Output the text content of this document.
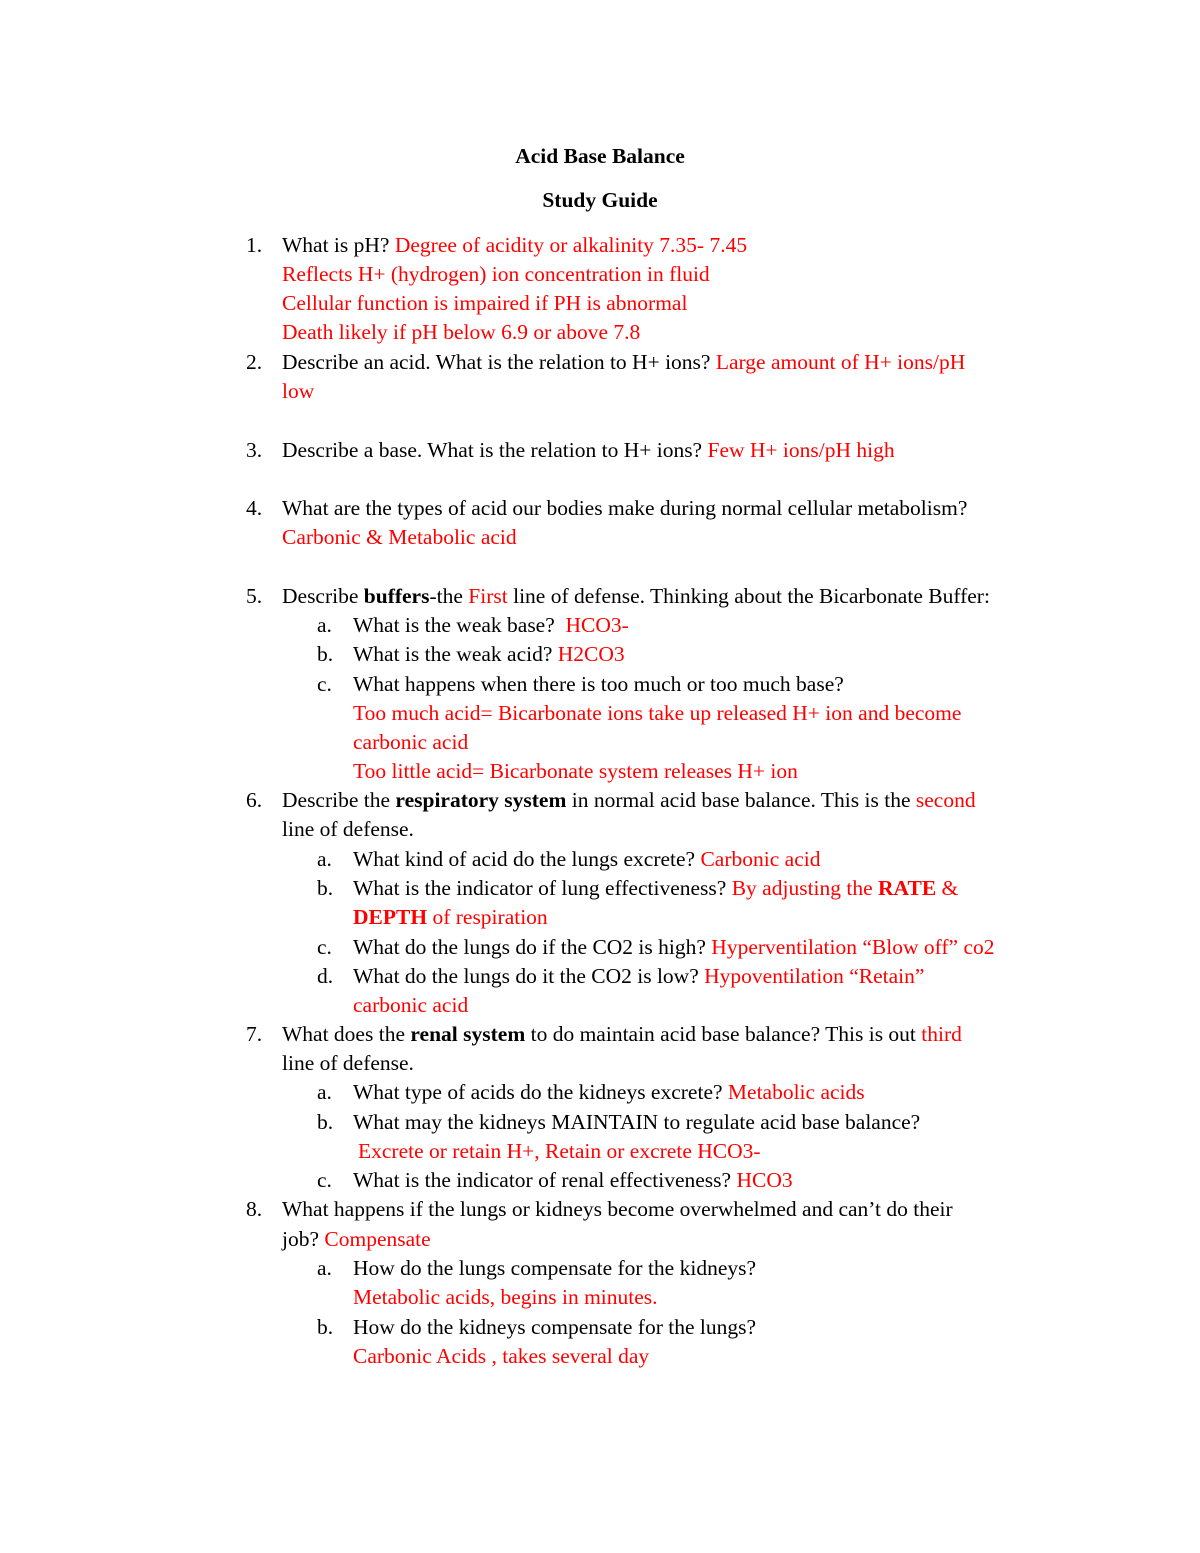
Acid Base Balance
Study Guide
1. What is pH? Degree of acidity or alkalinity 7.35- 7.45
Reflects H+ (hydrogen) ion concentration in fluid
Cellular function is impaired if PH is abnormal
Death likely if pH below 6.9 or above 7.8
2. Describe an acid. What is the relation to H+ ions? Large amount of H+ ions/pH
low
3. Describe a base. What is the relation to H+ ions? Few H+ ions/pH high
4. What are the types of acid our bodies make during normal cellular metabolism?
Carbonic & Metabolic acid
5. Describe buffers-the First line of defense. Thinking about the Bicarbonate Buffer:
a. What is the weak base? HCO3-
b. What is the weak acid? H2CO3
c. What happens when there is too much or too much base?
Too much acid= Bicarbonate ions take up released H+ ion and become
carbonic acid
Too little acid= Bicarbonate system releases H+ ion
6. Describe the respiratory system in normal acid base balance. This is the second
line of defense.
a. What kind of acid do the lungs excrete? Carbonic acid
b. What is the indicator of lung effectiveness? By adjusting the RATE &
DEPTH of respiration
c. What do the lungs do if the CO2 is high? Hyperventilation “Blow off” co2
d. What do the lungs do it the CO2 is low? Hypoventilation “Retain”
carbonic acid
7. What does the renal system to do maintain acid base balance? This is out third
line of defense.
a. What type of acids do the kidneys excrete? Metabolic acids
b. What may the kidneys MAINTAIN to regulate acid base balance?
Excrete or retain H+, Retain or excrete HCO3-
c. What is the indicator of renal effectiveness? HCO3
8. What happens if the lungs or kidneys become overwhelmed and can’t do their
job? Compensate
a. How do the lungs compensate for the kidneys?
Metabolic acids, begins in minutes.
b. How do the kidneys compensate for the lungs?
Carbonic Acids , takes several day
